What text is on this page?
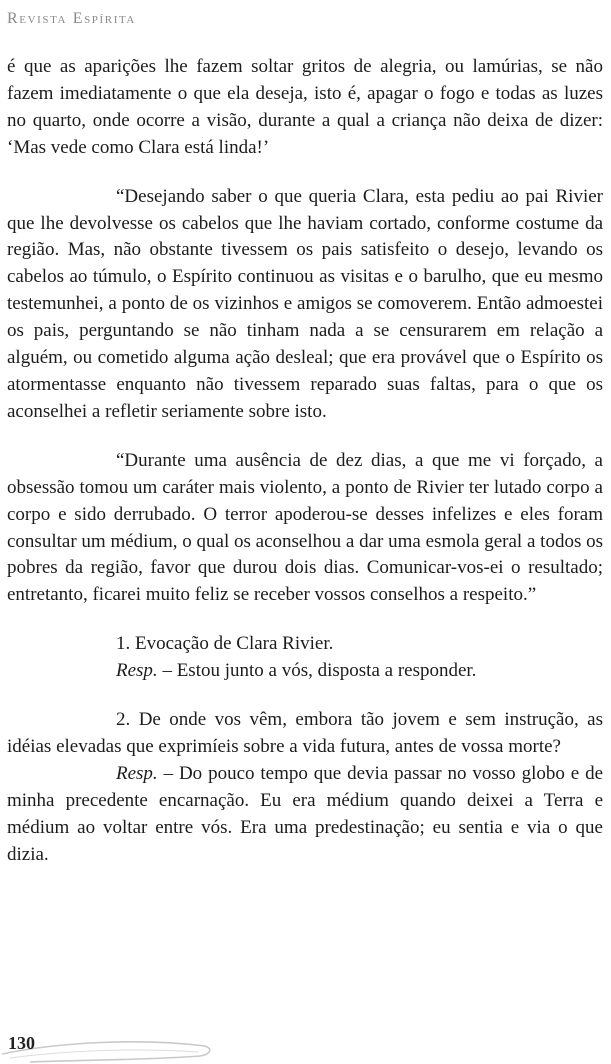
Revista Espírita

é que as aparições lhe fazem soltar gritos de alegria, ou lamúrias, se não fazem imediatamente o que ela deseja, isto é, apagar o fogo e todas as luzes no quarto, onde ocorre a visão, durante a qual a criança não deixa de dizer: ‘Mas vede como Clara está linda!’

“Desejando saber o que queria Clara, esta pediu ao pai Rivier que lhe devolvesse os cabelos que lhe haviam cortado, conforme costume da região. Mas, não obstante tivessem os pais satisfeito o desejo, levando os cabelos ao túmulo, o Espírito continuou as visitas e o barulho, que eu mesmo testemunhei, a ponto de os vizinhos e amigos se comoverem. Então admoestei os pais, perguntando se não tinham nada a se censurarem em relação a alguém, ou cometido alguma ação desleal; que era provável que o Espírito os atormentasse enquanto não tivessem reparado suas faltas, para o que os aconselhei a refletir seriamente sobre isto.

“Durante uma ausência de dez dias, a que me vi forçado, a obsessão tomou um caráter mais violento, a ponto de Rivier ter lutado corpo a corpo e sido derrubado. O terror apoderou-se desses infelizes e eles foram consultar um médium, o qual os aconselhou a dar uma esmola geral a todos os pobres da região, favor que durou dois dias. Comunicar-vos-ei o resultado; entretanto, ficarei muito feliz se receber vossos conselhos a respeito.”

1. Evocação de Clara Rivier.
Resp. – Estou junto a vós, disposta a responder.
2. De onde vos vêm, embora tão jovem e sem instrução, as idéias elevadas que exprimíeis sobre a vida futura, antes de vossa morte?
Resp. – Do pouco tempo que devia passar no vosso globo e de minha precedente encarnação. Eu era médium quando deixei a Terra e médium ao voltar entre vós. Era uma predestinação; eu sentia e via o que dizia.
130
